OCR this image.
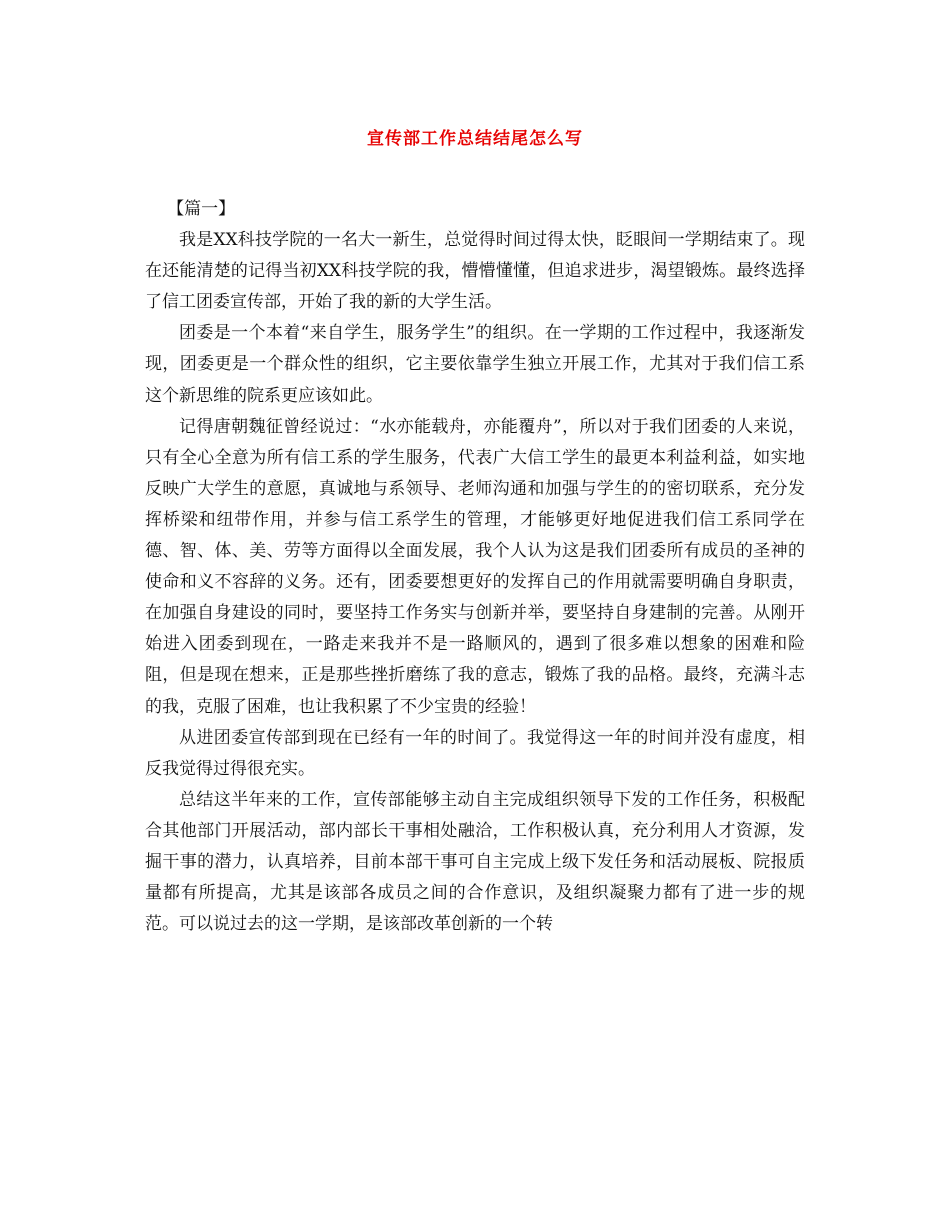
宣传部工作总结结尾怎么写
【篇一】

我是XX科技学院的一名大一新生，总觉得时间过得太快，眨眼间一学期结束了。现在还能清楚的记得当初XX科技学院的我，懵懵懂懂，但追求进步，渴望锻炼。最终选择了信工团委宣传部，开始了我的新的大学生活。

团委是一个本着“来自学生，服务学生”的组织。在一学期的工作过程中，我逐渐发现，团委更是一个群众性的组织，它主要依靠学生独立开展工作，尤其对于我们信工系这个新思维的院系更应该如此。

记得唐朝魏征曾经说过：“水亦能载舟，亦能覆舟”，所以对于我们团委的人来说，只有全心全意为所有信工系的学生服务，代表广大信工学生的最更本利益利益，如实地反映广大学生的意愿，真诚地与系领导、老师沟通和加强与学生的的密切联系，充分发挥桥梁和纽带作用，并参与信工系学生的管理，才能够更好地促进我们信工系同学在德、智、体、美、劳等方面得以全面发展，我个人认为这是我们团委所有成员的圣神的使命和义不容辞的义务。还有，团委要想更好的发挥自己的作用就需要明确自身职责，在加强自身建设的同时，要坚持工作务实与创新并举，要坚持自身建制的完善。从刚开始进入团委到现在，一路走来我并不是一路顺风的，遇到了很多难以想象的困难和险阻，但是现在想来，正是那些挫折磨练了我的意志，锻炼了我的品格。最终，充满斗志的我，克服了困难，也让我积累了不少宝贵的经验！

从进团委宣传部到现在已经有一年的时间了。我觉得这一年的时间并没有虚度，相反我觉得过得很充实。

总结这半年来的工作，宣传部能够主动自主完成组织领导下发的工作任务，积极配合其他部门开展活动，部内部长干事相处融洽，工作积极认真，充分利用人才资源，发掘干事的潜力，认真培养，目前本部干事可自主完成上级下发任务和活动展板、院报质量都有所提高，尤其是该部各成员之间的合作意识，及组织凝聚力都有了进一步的规范。可以说过去的这一学期，是该部改革创新的一个转
